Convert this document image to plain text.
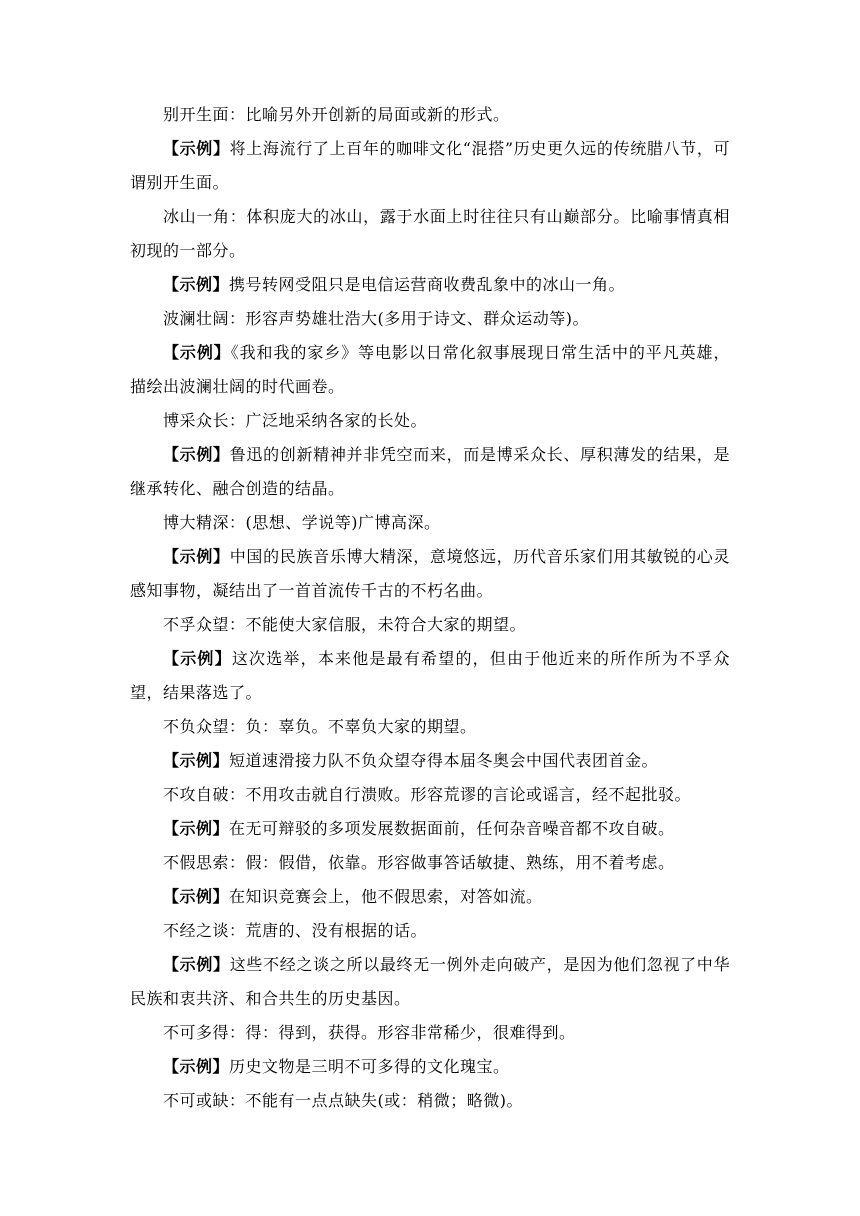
别开生面：比喻另外开创新的局面或新的形式。

【示例】将上海流行了上百年的咖啡文化“混搭”历史更久远的传统腊八节，可谓别开生面。

冰山一角：体积庞大的冰山，露于水面上时往往只有山巅部分。比喻事情真相初现的一部分。

【示例】携号转网受阻只是电信运营商收费乱象中的冰山一角。

波澜壮阔：形容声势雄壮浩大(多用于诗文、群众运动等)。

【示例】《我和我的家乡》等电影以日常化叙事展现日常生活中的平凡英雄，描绘出波澜壮阔的时代画卷。

博采众长：广泛地采纳各家的长处。

【示例】鲁迅的创新精神并非凭空而来，而是博采众长、厚积薄发的结果，是继承转化、融合创造的结晶。

博大精深：(思想、学说等)广博高深。

【示例】中国的民族音乐博大精深，意境悠远，历代音乐家们用其敏锐的心灵感知事物，凝结出了一首首流传千古的不朽名曲。

不孚众望：不能使大家信服，未符合大家的期望。

【示例】这次选举，本来他是最有希望的，但由于他近来的所作所为不孚众望，结果落选了。

不负众望：负：辜负。不辜负大家的期望。

【示例】短道速滑接力队不负众望夺得本届冬奥会中国代表团首金。

不攻自破：不用攻击就自行溃败。形容荒谬的言论或谣言，经不起批驳。

【示例】在无可辩驳的多项发展数据面前，任何杂音噪音都不攻自破。

不假思索：假：假借，依靠。形容做事答话敏捷、熟练，用不着考虑。

【示例】在知识竞赛会上，他不假思索，对答如流。

不经之谈：荒唐的、没有根据的话。

【示例】这些不经之谈之所以最终无一例外走向破产，是因为他们忽视了中华民族和衷共济、和合共生的历史基因。

不可多得：得：得到，获得。形容非常稀少，很难得到。

【示例】历史文物是三明不可多得的文化瑰宝。

不可或缺：不能有一点点缺失(或：稍微；略微)。
